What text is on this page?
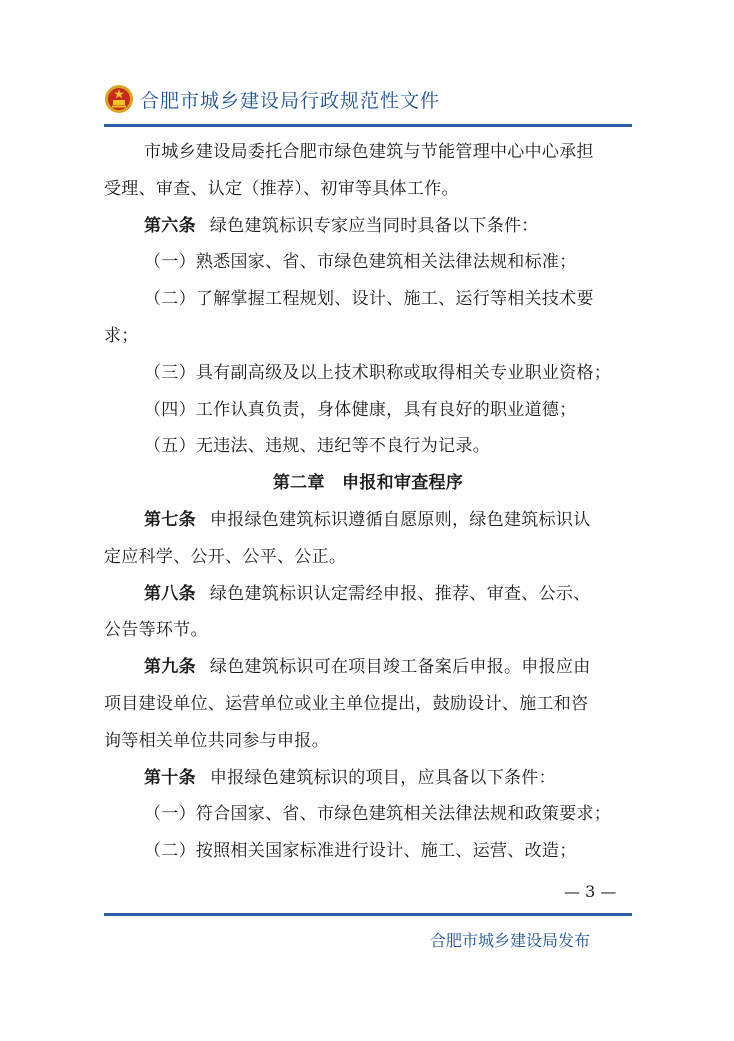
合肥市城乡建设局行政规范性文件
市城乡建设局委托合肥市绿色建筑与节能管理中心中心承担
受理、审查、认定（推荐）、初审等具体工作。
第六条 绿色建筑标识专家应当同时具备以下条件：
（一）熟悉国家、省、市绿色建筑相关法律法规和标准；
（二）了解掌握工程规划、设计、施工、运行等相关技术要
求；
（三）具有副高级及以上技术职称或取得相关专业职业资格；
（四）工作认真负责，身体健康，具有良好的职业道德；
（五）无违法、违规、违纪等不良行为记录。
第二章　申报和审查程序
第七条 申报绿色建筑标识遵循自愿原则，绿色建筑标识认
定应科学、公开、公平、公正。
第八条 绿色建筑标识认定需经申报、推荐、审查、公示、
公告等环节。
第九条 绿色建筑标识可在项目竣工备案后申报。申报应由
项目建设单位、运营单位或业主单位提出，鼓励设计、施工和咨
询等相关单位共同参与申报。
第十条 申报绿色建筑标识的项目，应具备以下条件：
（一）符合国家、省、市绿色建筑相关法律法规和政策要求；
（二）按照相关国家标准进行设计、施工、运营、改造；
— 3 —
合肥市城乡建设局发布
